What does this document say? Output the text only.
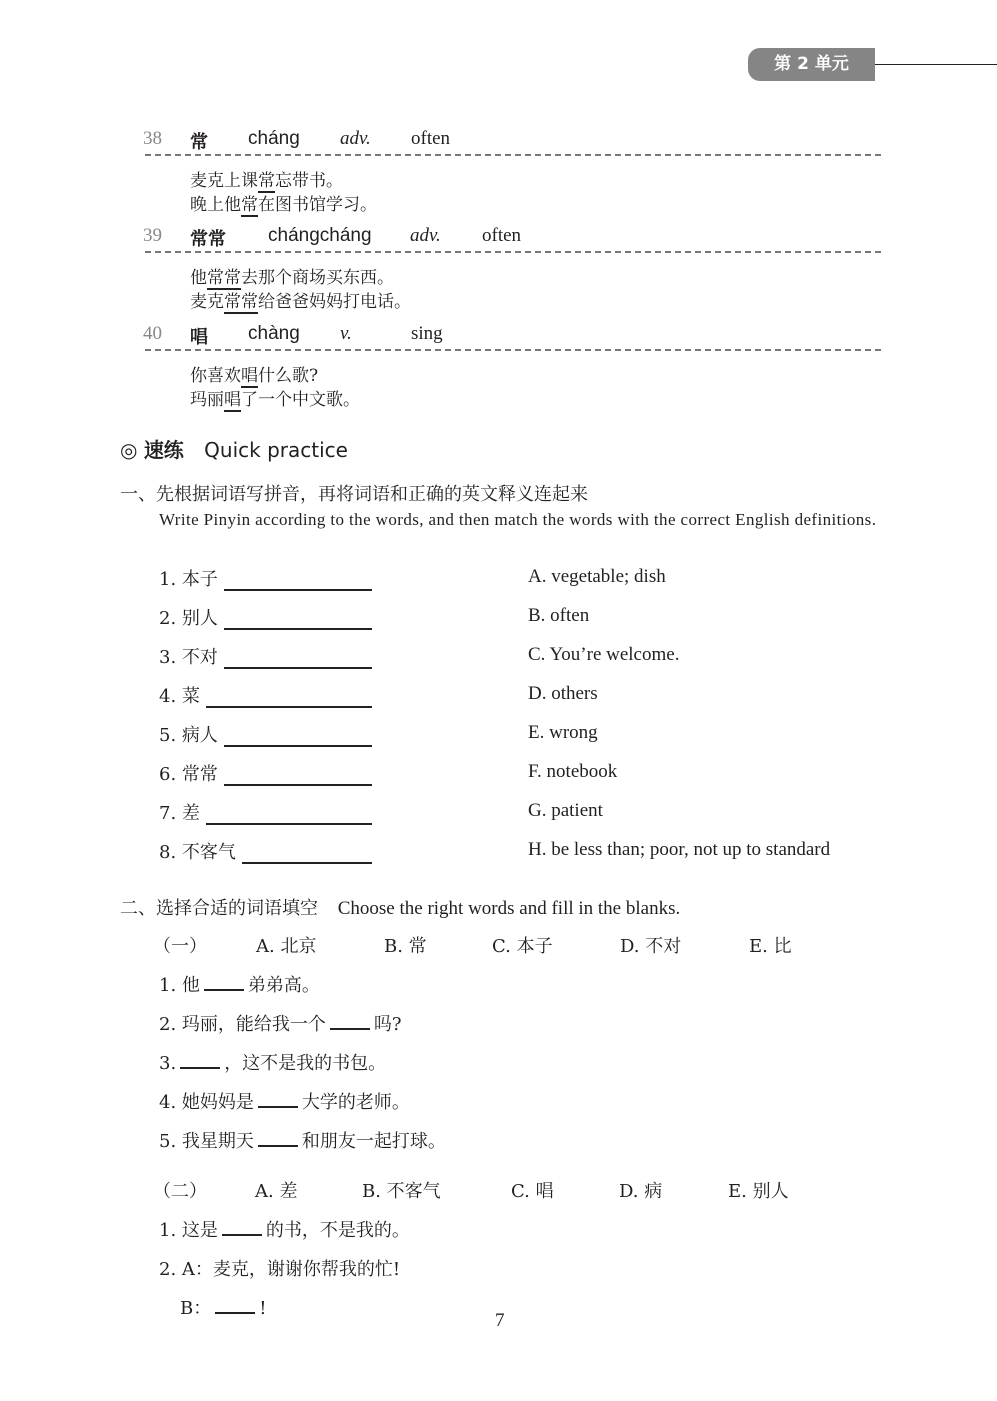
第 2 单元
38 常 cháng adv. often
麦克上课常忘带书。
晚上他常在图书馆学习。
39 常常 chángcháng adv. often
他常常去那个商场买东西。
麦克常常给爸爸妈妈打电话。
40 唱 chàng v.	sing
你喜欢唱什么歌?
玛丽唱了一个中文歌。
◎ 速练 Quick practice
一、先根据词语写拼音，再将词语和正确的英文释义连起来
Write Pinyin according to the words, and then match the words with the correct English definitions.
1. 本子	A. vegetable; dish
2. 别人	B. often
3. 不对	C. You’re welcome.
4. 菜	D. others
5. 病人	E. wrong
6. 常常	F. notebook
7. 差	G. patient
8. 不客气	H. be less than; poor, not up to standard
二、选择合适的词语填空 Choose the right words and fill in the blanks.
（一）	A. 北京	B. 常	C. 本子	D. 不对	E. 比
1. 他	弟弟高。
2. 玛丽，能给我一个	吗?
3.	，这不是我的书包。
4. 她妈妈是	大学的老师。
5. 我星期天	和朋友一起打球。
（二）	A. 差	B. 不客气	C. 唱	D. 病	E. 别人
1. 这是	的书，不是我的。
2. A：麦克，谢谢你帮我的忙!
B：	!
7
